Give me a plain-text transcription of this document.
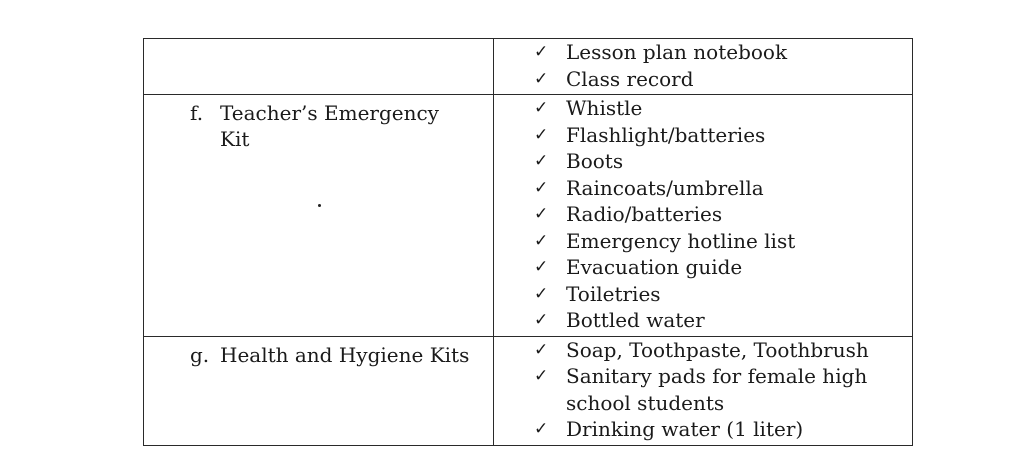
✓ Lesson plan notebook
✓ Class record
f. Teacher’s Emergency
Kit
✓ Whistle
✓ Flashlight/batteries
✓ Boots
✓ Raincoats/umbrella
✓ Radio/batteries
✓ Emergency hotline list
✓ Evacuation guide
✓ Toiletries
✓ Bottled water
g. Health and Hygiene Kits	✓ Soap, Toothpaste, Toothbrush
✓ Sanitary pads for female high school students
✓ Drinking water (1 liter)
